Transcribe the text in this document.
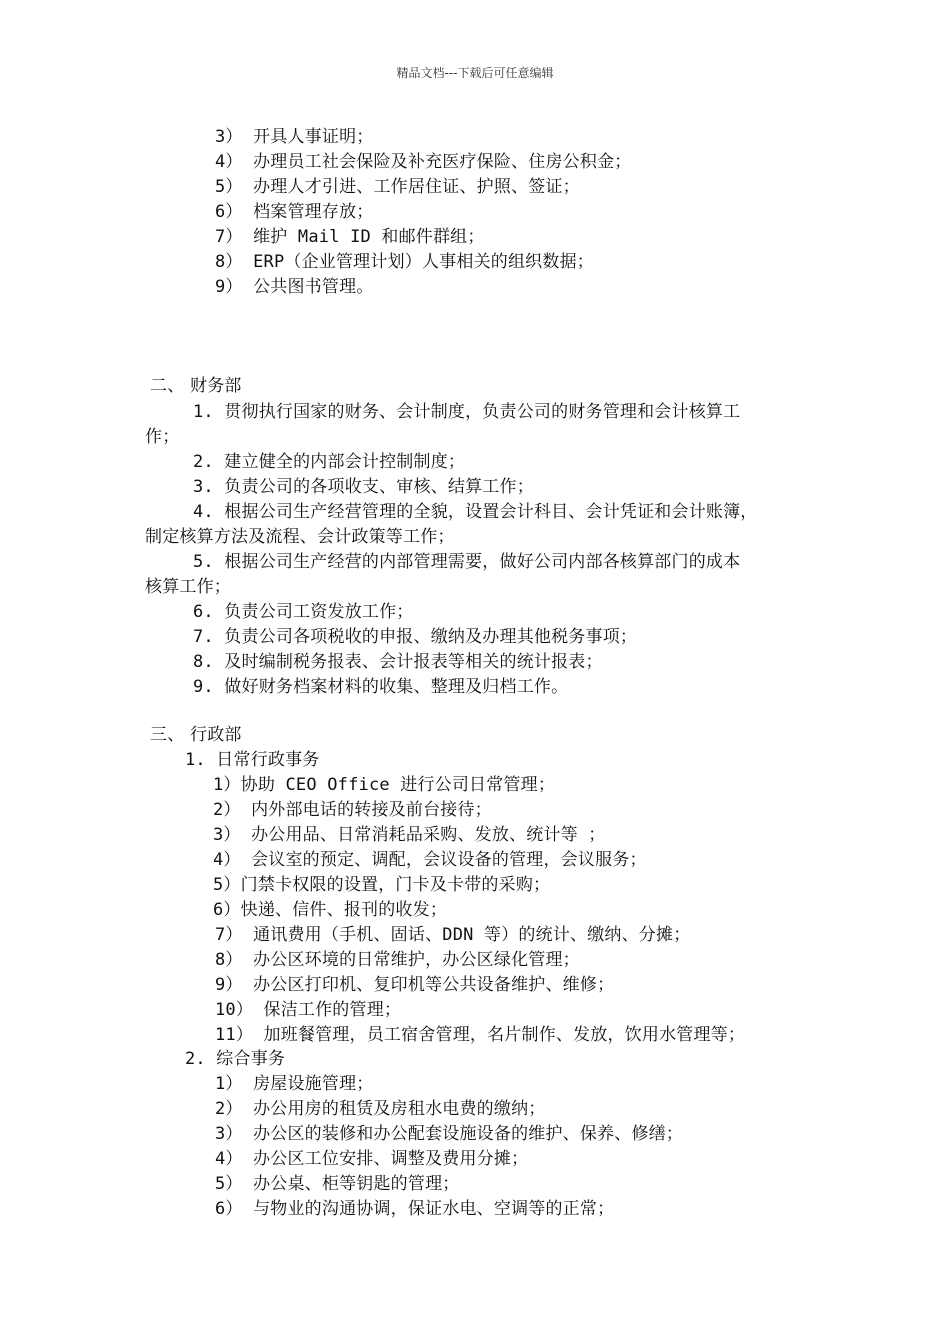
精品文档---下载后可任意编辑
3） 开具人事证明；
4） 办理员工社会保险及补充医疗保险、住房公积金；
5） 办理人才引进、工作居住证、护照、签证；
6） 档案管理存放；
7） 维护 Mail ID 和邮件群组；
8） ERP（企业管理计划）人事相关的组织数据；
9） 公共图书管理。
二、 财务部
1. 贯彻执行国家的财务、会计制度，负责公司的财务管理和会计核算工
作；
2. 建立健全的内部会计控制制度；
3. 负责公司的各项收支、审核、结算工作；
4. 根据公司生产经营管理的全貌，设置会计科目、会计凭证和会计账簿，
制定核算方法及流程、会计政策等工作；
5. 根据公司生产经营的内部管理需要，做好公司内部各核算部门的成本
核算工作；
6. 负责公司工资发放工作；
7. 负责公司各项税收的申报、缴纳及办理其他税务事项；
8. 及时编制税务报表、会计报表等相关的统计报表；
9. 做好财务档案材料的收集、整理及归档工作。
三、 行政部
1. 日常行政事务
1）协助 CEO Office 进行公司日常管理；
2） 内外部电话的转接及前台接待；
3） 办公用品、日常消耗品采购、发放、统计等 ；
4） 会议室的预定、调配，会议设备的管理，会议服务；
5）门禁卡权限的设置，门卡及卡带的采购；
6）快递、信件、报刊的收发；
7） 通讯费用（手机、固话、DDN 等）的统计、缴纳、分摊；
8） 办公区环境的日常维护，办公区绿化管理；
9） 办公区打印机、复印机等公共设备维护、维修；
10） 保洁工作的管理；
11） 加班餐管理，员工宿舍管理，名片制作、发放，饮用水管理等；
2. 综合事务
1） 房屋设施管理；
2） 办公用房的租赁及房租水电费的缴纳；
3） 办公区的装修和办公配套设施设备的维护、保养、修缮；
4） 办公区工位安排、调整及费用分摊；
5） 办公桌、柜等钥匙的管理；
6） 与物业的沟通协调，保证水电、空调等的正常；
